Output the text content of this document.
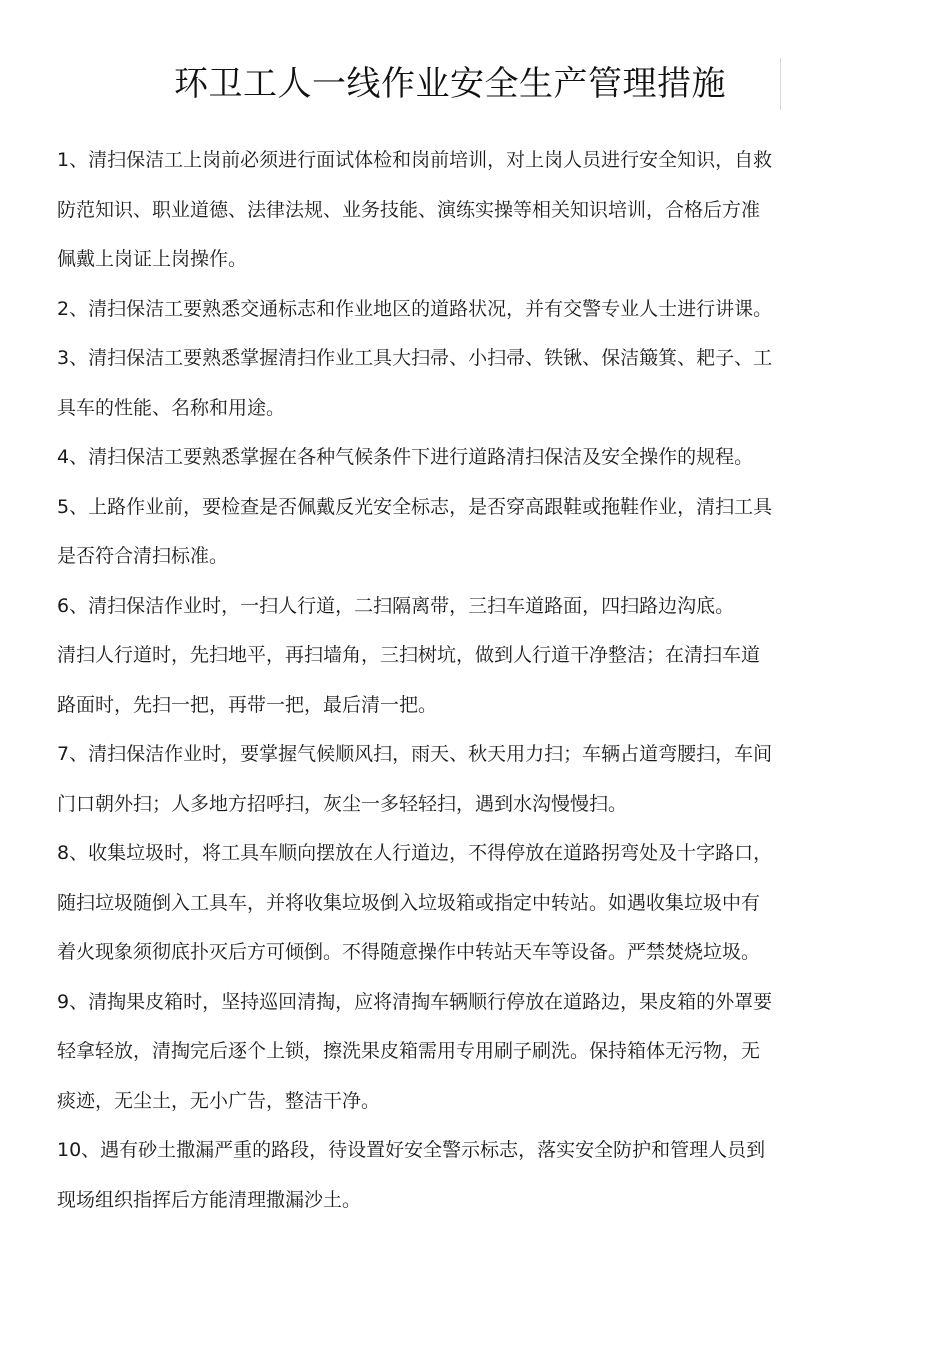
环卫工人一线作业安全生产管理措施

1、清扫保洁工上岗前必须进行面试体检和岗前培训，对上岗人员进行安全知识，自救
防范知识、职业道德、法律法规、业务技能、演练实操等相关知识培训，合格后方准
佩戴上岗证上岗操作。

2、清扫保洁工要熟悉交通标志和作业地区的道路状况，并有交警专业人士进行讲课。

3、清扫保洁工要熟悉掌握清扫作业工具大扫帚、小扫帚、铁锹、保洁簸箕、耙子、工
具车的性能、名称和用途。

4、清扫保洁工要熟悉掌握在各种气候条件下进行道路清扫保洁及安全操作的规程。

5、上路作业前，要检查是否佩戴反光安全标志，是否穿高跟鞋或拖鞋作业，清扫工具
是否符合清扫标准。

6、清扫保洁作业时，一扫人行道，二扫隔离带，三扫车道路面，四扫路边沟底。
清扫人行道时，先扫地平，再扫墙角，三扫树坑，做到人行道干净整洁；在清扫车道
路面时，先扫一把，再带一把，最后清一把。

7、清扫保洁作业时，要掌握气候顺风扫，雨天、秋天用力扫；车辆占道弯腰扫，车间
门口朝外扫；人多地方招呼扫，灰尘一多轻轻扫，遇到水沟慢慢扫。

8、收集垃圾时，将工具车顺向摆放在人行道边，不得停放在道路拐弯处及十字路口，
随扫垃圾随倒入工具车，并将收集垃圾倒入垃圾箱或指定中转站。如遇收集垃圾中有
着火现象须彻底扑灭后方可倾倒。不得随意操作中转站天车等设备。严禁焚烧垃圾。

9、清掏果皮箱时，坚持巡回清掏，应将清掏车辆顺行停放在道路边，果皮箱的外罩要
轻拿轻放，清掏完后逐个上锁，擦洗果皮箱需用专用刷子刷洗。保持箱体无污物，无
痰迹，无尘土，无小广告，整洁干净。

10、遇有砂土撒漏严重的路段，待设置好安全警示标志，落实安全防护和管理人员到
现场组织指挥后方能清理撒漏沙土。
